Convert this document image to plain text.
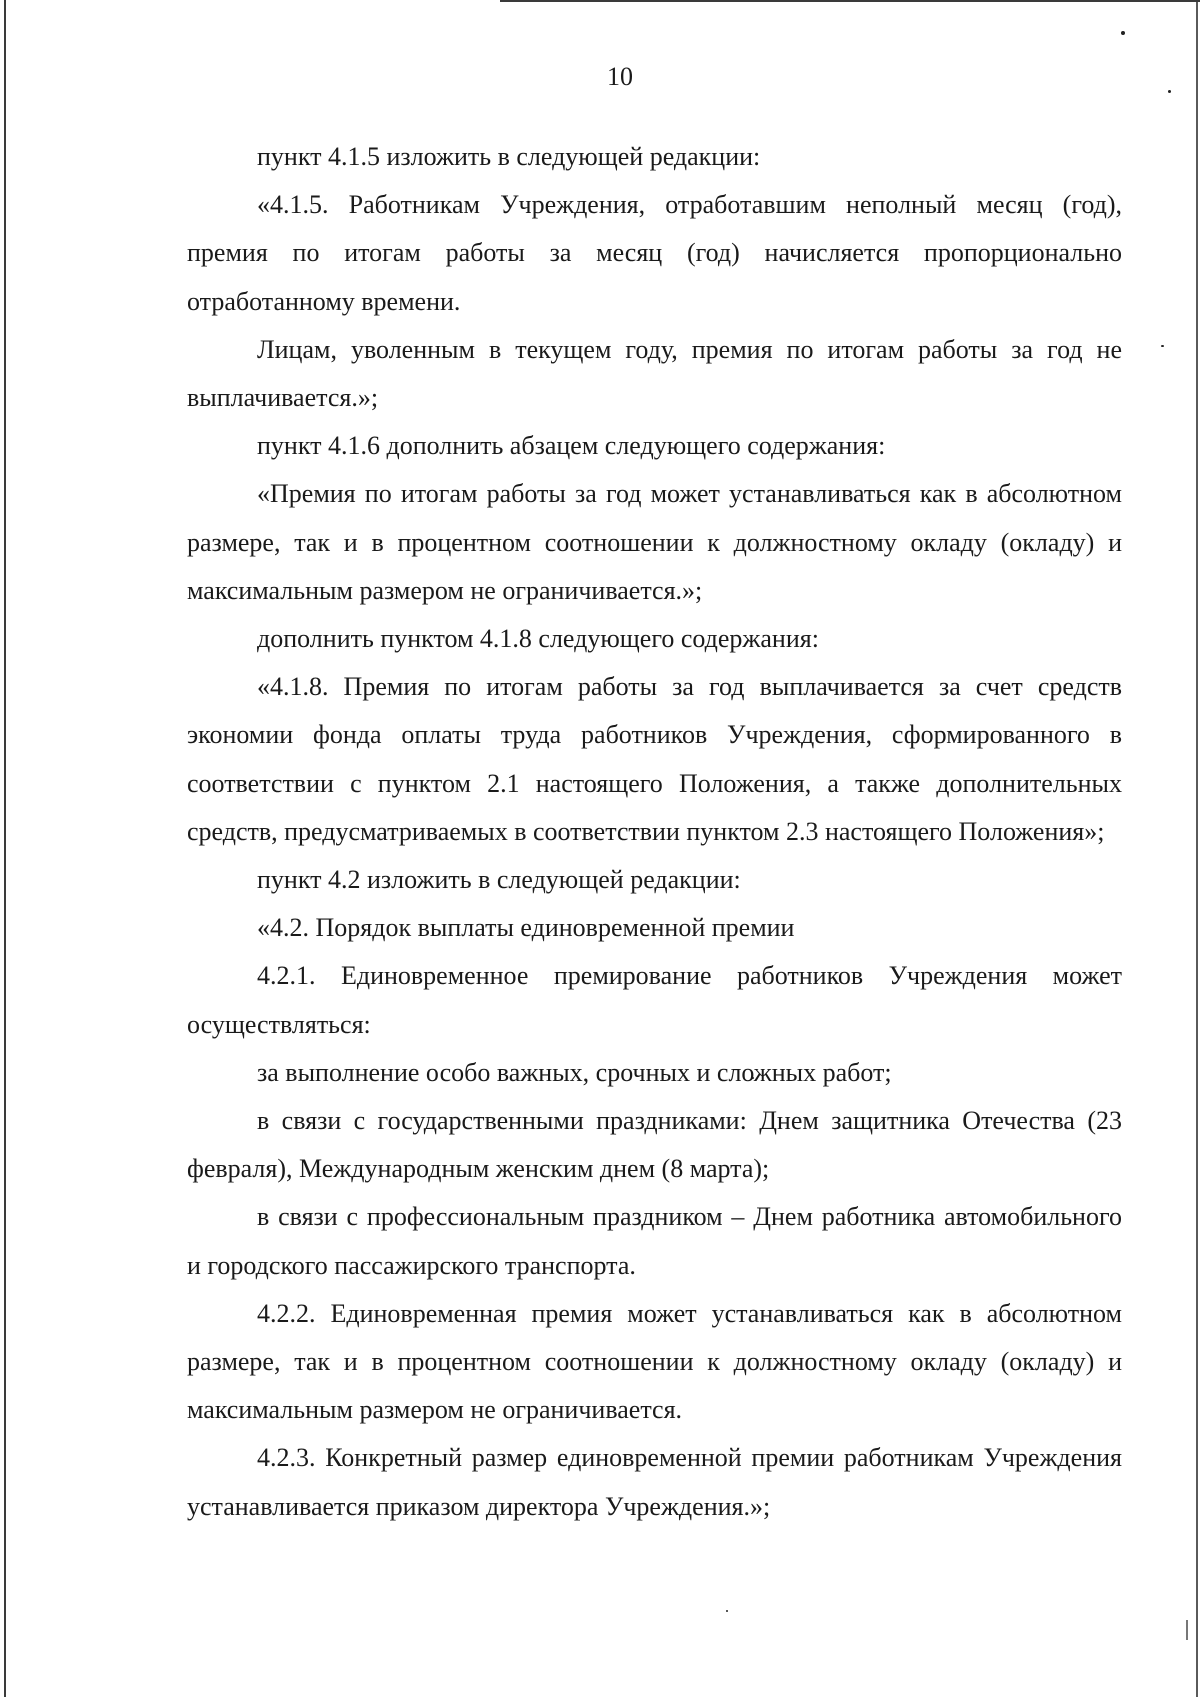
10

пункт 4.1.5 изложить в следующей редакции:

«4.1.5. Работникам Учреждения, отработавшим неполный месяц (год), премия по итогам работы за месяц (год) начисляется пропорционально отработанному времени.

Лицам, уволенным в текущем году, премия по итогам работы за год не выплачивается.»;

пункт 4.1.6 дополнить абзацем следующего содержания:

«Премия по итогам работы за год может устанавливаться как в абсолютном размере, так и в процентном соотношении к должностному окладу (окладу) и максимальным размером не ограничивается.»;

дополнить пунктом 4.1.8 следующего содержания:

«4.1.8. Премия по итогам работы за год выплачивается за счет средств экономии фонда оплаты труда работников Учреждения, сформированного в соответствии с пунктом 2.1 настоящего Положения, а также дополнительных средств, предусматриваемых в соответствии пунктом 2.3 настоящего Положения»;

пункт 4.2 изложить в следующей редакции:

«4.2. Порядок выплаты единовременной премии

4.2.1. Единовременное премирование работников Учреждения может осуществляться:

за выполнение особо важных, срочных и сложных работ;

в связи с государственными праздниками: Днем защитника Отечества (23 февраля), Международным женским днем (8 марта);

в связи с профессиональным праздником – Днем работника автомобильного и городского пассажирского транспорта.

4.2.2. Единовременная премия может устанавливаться как в абсолютном размере, так и в процентном соотношении к должностному окладу (окладу) и максимальным размером не ограничивается.

4.2.3. Конкретный размер единовременной премии работникам Учреждения устанавливается приказом директора Учреждения.»;
